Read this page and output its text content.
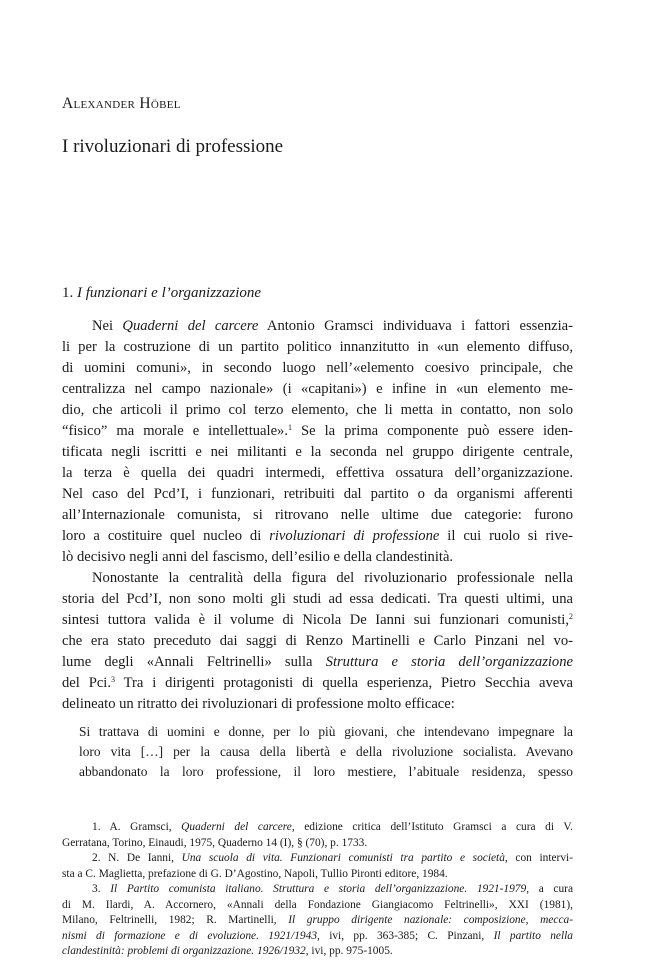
Alexander Höbel
I rivoluzionari di professione
1. I funzionari e l’organizzazione
Nei Quaderni del carcere Antonio Gramsci individuava i fattori essenzia-
li per la costruzione di un partito politico innanzitutto in «un elemento diffuso,
di uomini comuni», in secondo luogo nell’«elemento coesivo principale, che
centralizza nel campo nazionale» (i «capitani») e infine in «un elemento me-
dio, che articoli il primo col terzo elemento, che li metta in contatto, non solo
“fisico” ma morale e intellettuale».$^1$ Se la prima componente può essere iden-
tificata negli iscritti e nei militanti e la seconda nel gruppo dirigente centrale,
la terza è quella dei quadri intermedi, effettiva ossatura dell’organizzazione.
Nel caso del Pcd’I, i funzionari, retribuiti dal partito o da organismi afferenti
all’Internazionale comunista, si ritrovano nelle ultime due categorie: furono
loro a costituire quel nucleo di rivoluzionari di professione il cui ruolo si rive-
lò decisivo negli anni del fascismo, dell’esilio e della clandestinità.
Nonostante la centralità della figura del rivoluzionario professionale nella
storia del Pcd’I, non sono molti gli studi ad essa dedicati. Tra questi ultimi, una
sintesi tuttora valida è il volume di Nicola De Ianni sui funzionari comunisti,$^2$
che era stato preceduto dai saggi di Renzo Martinelli e Carlo Pinzani nel vo-
lume degli «Annali Feltrinelli» sulla Struttura e storia dell’organizzazione
del Pci.$^3$ Tra i dirigenti protagonisti di quella esperienza, Pietro Secchia aveva
delineato un ritratto dei rivoluzionari di professione molto efficace:
Si trattava di uomini e donne, per lo più giovani, che intendevano impegnare la
loro vita […] per la causa della libertà e della rivoluzione socialista. Avevano
abbandonato la loro professione, il loro mestiere, l’abituale residenza, spesso
1. A. Gramsci, Quaderni del carcere, edizione critica dell’Istituto Gramsci a cura di V.
Gerratana, Torino, Einaudi, 1975, Quaderno 14 (I), § (70), p. 1733.
2. N. De Ianni, Una scuola di vita. Funzionari comunisti tra partito e società, con intervi-
sta a C. Maglietta, prefazione di G. D’Agostino, Napoli, Tullio Pironti editore, 1984.
3. Il Partito comunista italiano. Struttura e storia dell’organizzazione. 1921-1979, a cura
di M. Ilardi, A. Accornero, «Annali della Fondazione Giangiacomo Feltrinelli», XXI (1981),
Milano, Feltrinelli, 1982; R. Martinelli, Il gruppo dirigente nazionale: composizione, mecca-
nismi di formazione e di evoluzione. 1921/1943, ivi, pp. 363-385; C. Pinzani, Il partito nella
clandestinità: problemi di organizzazione. 1926/1932, ivi, pp. 975-1005.
